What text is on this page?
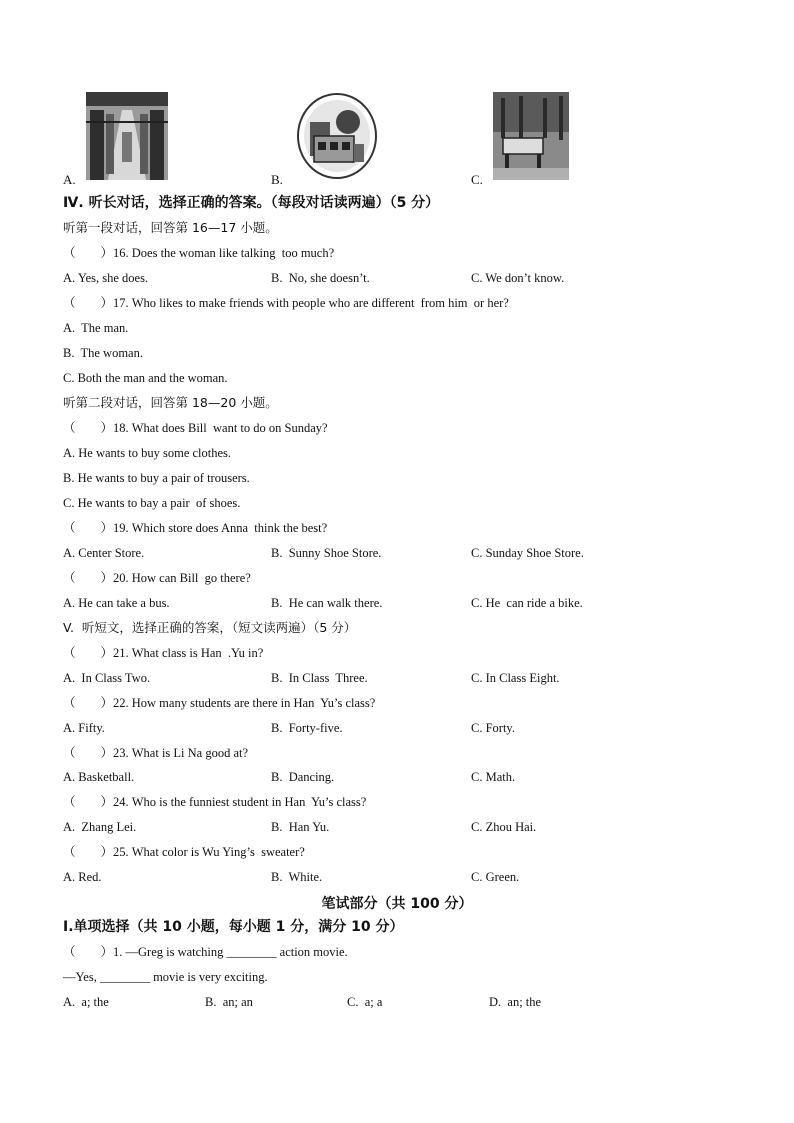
A.	B.	C.
Ⅳ. 听长对话，选择正确的答案。（每段对话读两遍）（5 分）
听第一段对话，回答第 16—17 小题。
（        ）16. Does the woman like talking  too much?
A. Yes, she does.	B.  No, she doesn’t.	C. We don’t know.
（        ）17. Who likes to make friends with people who are different  from him  or her?
A.  The man.
B.  The woman.
C. Both the man and the woman.
听第二段对话，回答第 18—20 小题。
（        ）18. What does Bill  want to do on Sunday?
A. He wants to buy some clothes.
B. He wants to buy a pair of trousers.
C. He wants to bay a pair  of shoes.
（        ）19. Which store does Anna  think the best?
A. Center Store.	B.  Sunny Shoe Store.	C. Sunday Shoe Store.
（        ）20. How can Bill  go there?
A. He can take a bus.	B.  He can walk there.	C. He  can ride a bike.
V.  听短文，选择正确的答案，（短文读两遍）（5 分）
（        ）21. What class is Han  .Yu in?
A.  In Class Two.	B.  In Class  Three.	C. In Class Eight.
（        ）22. How many students are there in Han  Yu’s class?
A. Fifty.	B.  Forty-five.	C. Forty.
（        ）23. What is Li Na good at?
A. Basketball.	B.  Dancing.	C. Math.
（        ）24. Who is the funniest student in Han  Yu’s class?
A.  Zhang Lei.	B.  Han Yu.	C. Zhou Hai.
（        ）25. What color is Wu Ying’s  sweater?
A. Red.	B.  White.	C. Green.
笔试部分（共 100 分）
Ⅰ.单项选择（共 10 小题，每小题 1 分，满分 10 分）
（        ）1. —Greg is watching ________ action movie.
—Yes, ________ movie is very exciting.
A.  a; the	B.  an; an	C.  a; a	D.  an; the
